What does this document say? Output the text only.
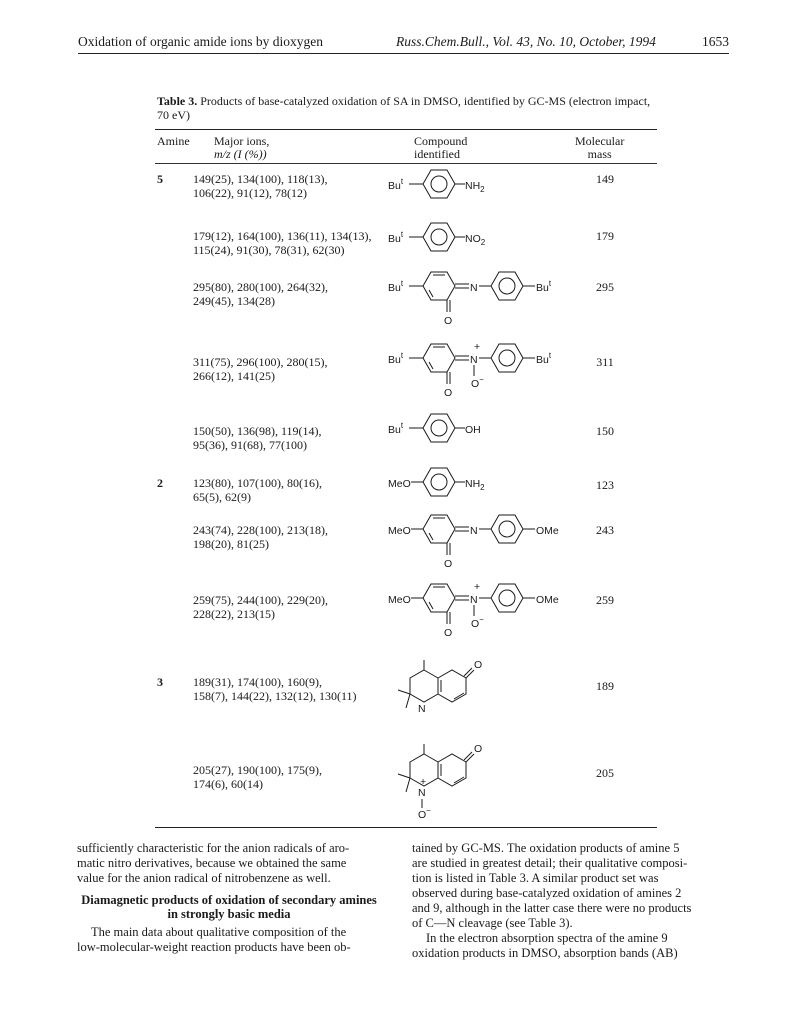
Oxidation of organic amide ions by dioxygen	Russ.Chem.Bull., Vol. 43, No. 10, October, 1994	1653
Table 3. Products of base-catalyzed oxidation of SA in DMSO, identified by GC-MS (electron impact, 70 eV)
Amine Major ions,
m/z (I (%))
Compound
identified
Molecular
mass
5	149(25), 134(100), 118(13),
106(22), 91(12), 78(12)	Bu$^t$	$NH_2$
149
179(12), 164(100), 136(11), 134(13),
115(24), 91(30), 78(31), 62(30)
Bu$^t$	$NO_2$	179
295(80), 280(100), 264(32),
249(45), 134(28)
Bu$^t$	N	Bu$^t$
O
295
311(75), 296(100), 280(15),
266(12), 141(25)
Bu$^t$	N
+
O−
Bu$^t$
O
311
150(50), 136(98), 119(14),
95(36), 91(68), 77(100)
Bu$^t$	OH	150
2	123(80), 107(100), 80(16),
65(5), 62(9)
MeO	$NH_2$	123
243(74), 228(100), 213(18),
198(20), 81(25)
MeO	N	OMe
O
243
259(75), 244(100), 229(20),
228(22), 213(15)
MeO	N
+
O−
OMe
O
259
3	189(31), 174(100), 160(9),
158(7), 144(22), 132(12), 130(11)
O
N
189
205(27), 190(100), 175(9),
174(6), 60(14)
O
N
+
O−
205

sufficiently characteristic for the anion radicals of aro-
matic nitro derivatives, because we obtained the same
value for the anion radical of nitrobenzene as well.

Diamagnetic products of oxidation of secondary amines
in strongly basic media

The main data about qualitative composition of the
low-molecular-weight reaction products have been ob-

tained by GC-MS. The oxidation products of amine 5
are studied in greatest detail; their qualitative composi-
tion is listed in Table 3. A similar product set was
observed during base-catalyzed oxidation of amines 2
and 9, although in the latter case there were no products
of C—N cleavage (see Table 3).
In the electron absorption spectra of the amine 9
oxidation products in DMSO, absorption bands (AB)
